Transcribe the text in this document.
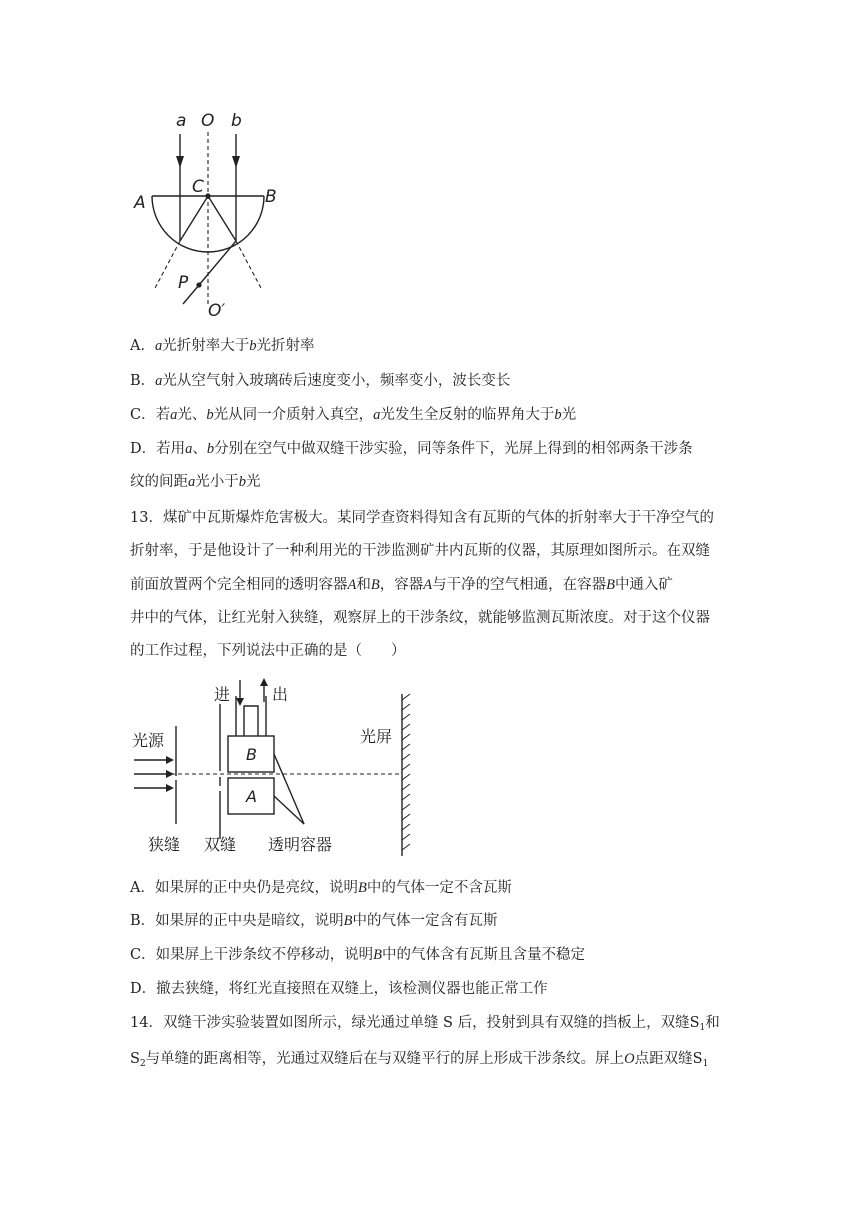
a O b
A
C	B
P
O′
A．a光折射率大于b光折射率
B．a光从空气射入玻璃砖后速度变小，频率变小，波长变长
C．若a光、b光从同一介质射入真空，a光发生全反射的临界角大于b光
D．若用a、b分别在空气中做双缝干涉实验，同等条件下，光屏上得到的相邻两条干涉条
纹的间距a光小于b光
13．煤矿中瓦斯爆炸危害极大。某同学查资料得知含有瓦斯的气体的折射率大于干净空气的
折射率，于是他设计了一种利用光的干涉监测矿井内瓦斯的仪器，其原理如图所示。在双缝
前面放置两个完全相同的透明容器A和B，容器A与干净的空气相通，在容器B中通入矿
井中的气体，让红光射入狭缝，观察屏上的干涉条纹，就能够监测瓦斯浓度。对于这个仪器
的工作过程，下列说法中正确的是（　　）
进	出
光源	光屏
狭缝 双缝 透明容器
B
A
A．如果屏的正中央仍是亮纹，说明B中的气体一定不含瓦斯
B．如果屏的正中央是暗纹，说明B中的气体一定含有瓦斯
C．如果屏上干涉条纹不停移动，说明B中的气体含有瓦斯且含量不稳定
D．撤去狭缝，将红光直接照在双缝上，该检测仪器也能正常工作
14．双缝干涉实验装置如图所示，绿光通过单缝 S 后，投射到具有双缝的挡板上，双缝$S_1$和
$S_2$与单缝的距离相等，光通过双缝后在与双缝平行的屏上形成干涉条纹。屏上O点距双缝$S_1$
